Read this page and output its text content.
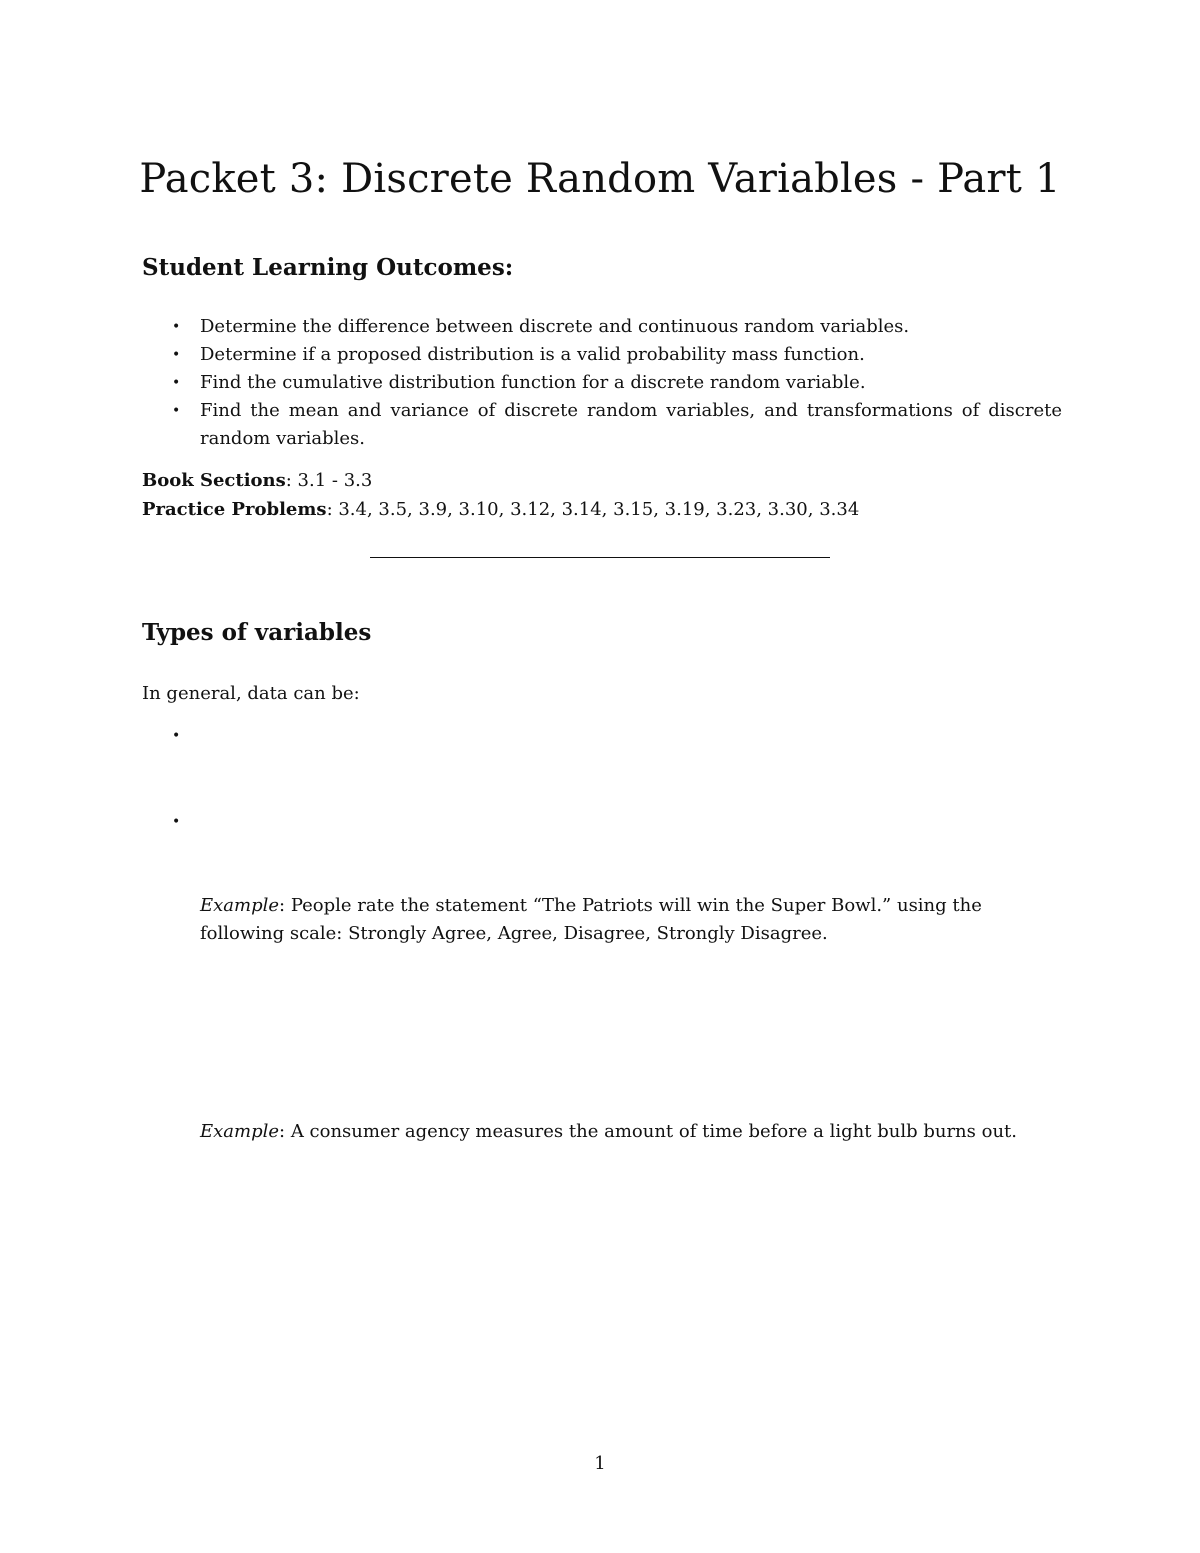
Packet 3: Discrete Random Variables - Part 1
Student Learning Outcomes:
• Determine the difference between discrete and continuous random variables.
• Determine if a proposed distribution is a valid probability mass function.
• Find the cumulative distribution function for a discrete random variable.
• Find the mean and variance of discrete random variables, and transformations of discrete random variables.

Book Sections: 3.1 - 3.3

Practice Problems: 3.4, 3.5, 3.9, 3.10, 3.12, 3.14, 3.15, 3.19, 3.23, 3.30, 3.34

Types of variables

In general, data can be:

•
•

Example: People rate the statement “The Patriots will win the Super Bowl.” using the following scale: Strongly Agree, Agree, Disagree, Strongly Disagree.

Example: A consumer agency measures the amount of time before a light bulb burns out.

1
